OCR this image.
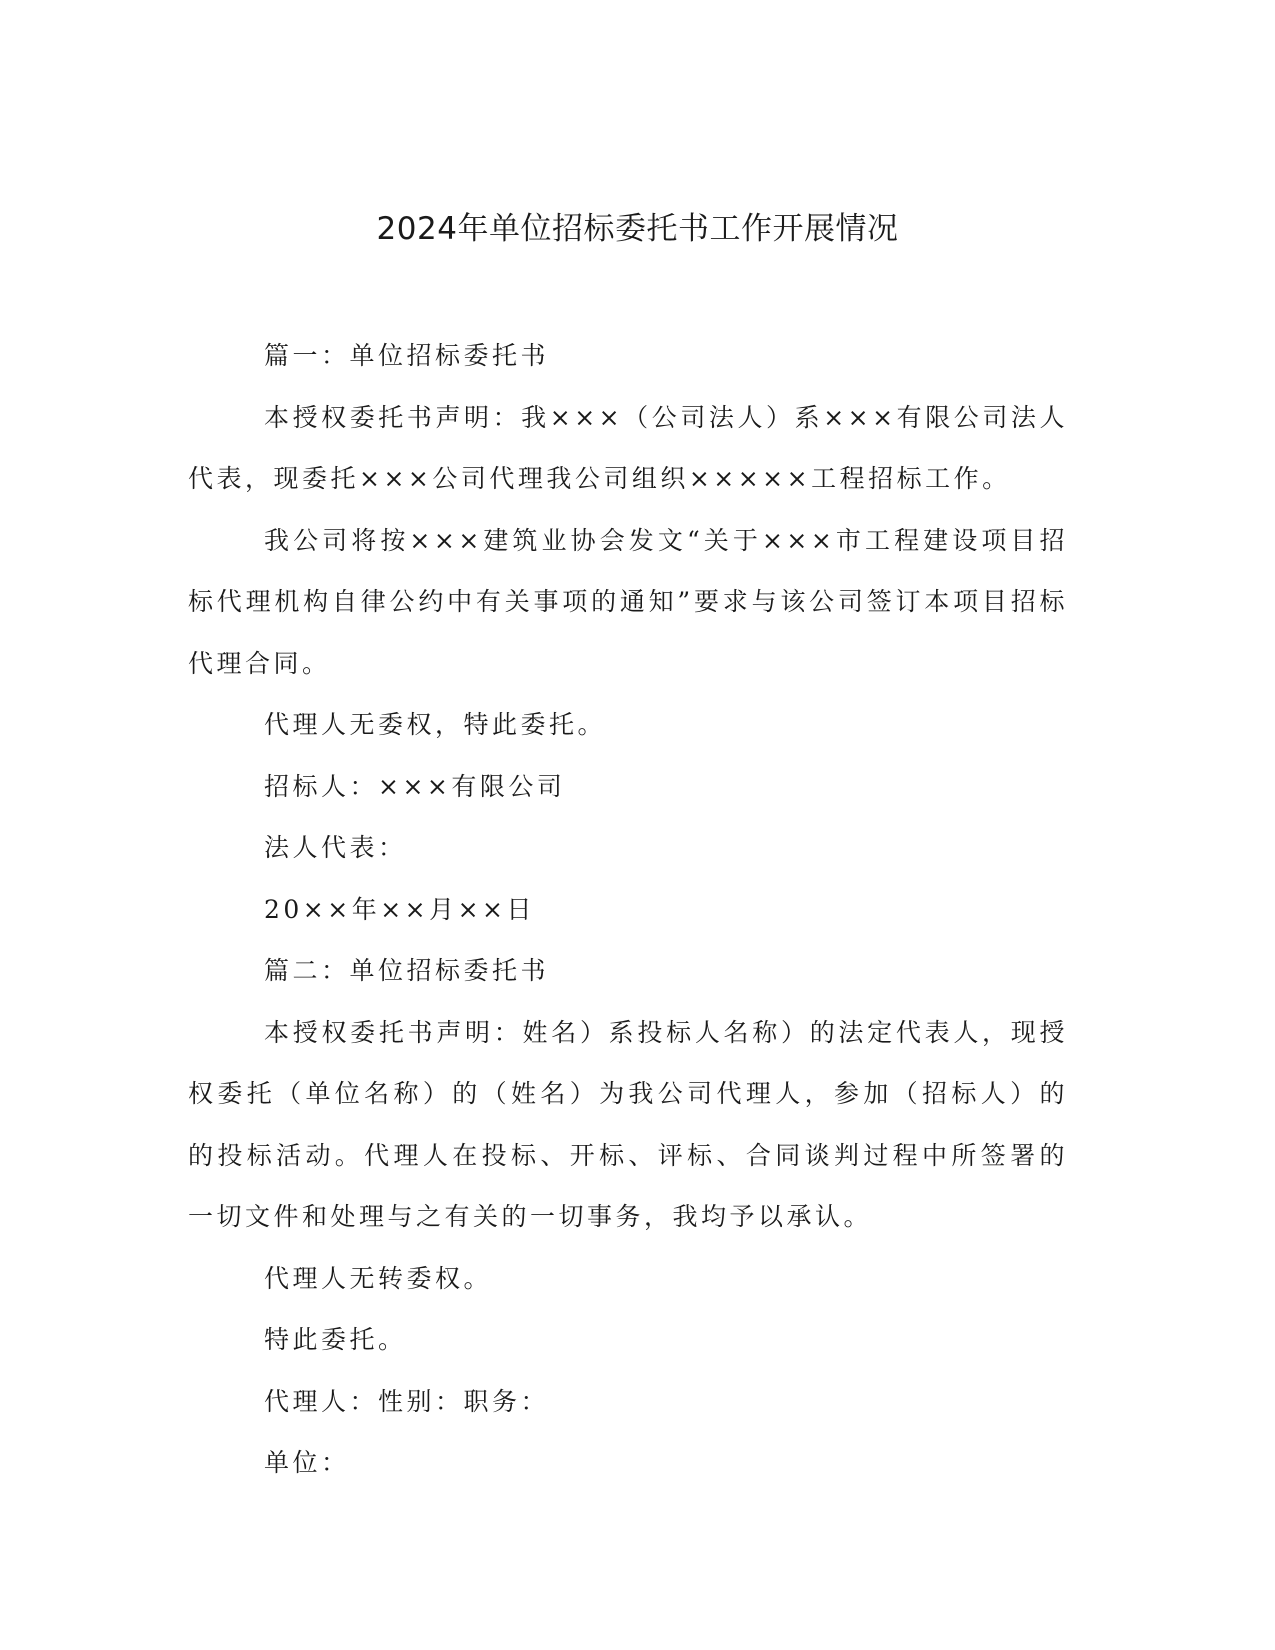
2024年单位招标委托书工作开展情况

篇一：单位招标委托书

本授权委托书声明：我×××（公司法人）系×××有限公司法人代表，现委托×××公司代理我公司组织×××××工程招标工作。

我公司将按×××建筑业协会发文“关于×××市工程建设项目招标代理机构自律公约中有关事项的通知”要求与该公司签订本项目招标代理合同。

代理人无委权，特此委托。

招标人：×××有限公司

法人代表：

20××年××月××日

篇二：单位招标委托书

本授权委托书声明：姓名）系投标人名称）的法定代表人，现授权委托（单位名称）的（姓名）为我公司代理人，参加（招标人）的的投标活动。代理人在投标、开标、评标、合同谈判过程中所签署的一切文件和处理与之有关的一切事务，我均予以承认。

代理人无转委权。

特此委托。

代理人：性别：职务：

单位：
